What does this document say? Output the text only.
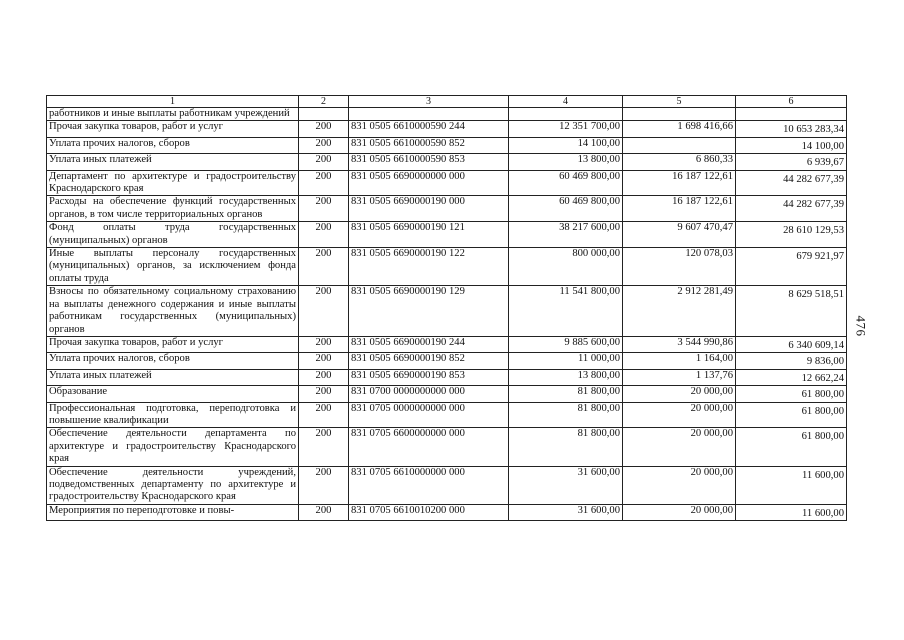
1	2	3	4	5	6
работников и иные выплаты работникам учреждений			

Прочая закупка товаров, работ и услуг	200	831 0505 6610000590 244	12 351 700,00	1 698 416,66	10 653 283,34

Уплата прочих налогов, сборов	200	831 0505 6610000590 852	14 100,00		14 100,00

Уплата иных платежей	200	831 0505 6610000590 853	13 800,00	6 860,33	6 939,67

Департамент по архитектуре и градостроительству Краснодарского края	200	831 0505 6690000000 000	60 469 800,00	16 187 122,61	44 282 677,39

Расходы на обеспечение функций государственных органов, в том числе территориальных органов	200	831 0505 6690000190 000	60 469 800,00	16 187 122,61	44 282 677,39

Фонд оплаты труда государственных (муниципальных) органов	200	831 0505 6690000190 121	38 217 600,00	9 607 470,47	28 610 129,53

Иные выплаты персоналу государственных (муниципальных) органов, за исключением фонда оплаты труда	200	831 0505 6690000190 122	800 000,00	120 078,03	679 921,97

Взносы по обязательному социальному страхованию на выплаты денежного содержания и иные выплаты работникам государственных (муниципальных) органов	200	831 0505 6690000190 129	11 541 800,00	2 912 281,49	8 629 518,51

Прочая закупка товаров, работ и услуг	200	831 0505 6690000190 244	9 885 600,00	3 544 990,86	6 340 609,14

Уплата прочих налогов, сборов	200	831 0505 6690000190 852	11 000,00	1 164,00	9 836,00

Уплата иных платежей	200	831 0505 6690000190 853	13 800,00	1 137,76	12 662,24

Образование	200	831 0700 0000000000 000	81 800,00	20 000,00	61 800,00

Профессиональная подготовка, переподготовка и повышение квалификации	200	831 0705 0000000000 000	81 800,00	20 000,00	61 800,00

Обеспечение деятельности департамента по архитектуре и градостроительству Краснодарского края	200	831 0705 6600000000 000	81 800,00	20 000,00	61 800,00

Обеспечение деятельности учреждений, подведомственных департаменту по архитектуре и градостроительству Краснодарского края	200	831 0705 6610000000 000	31 600,00	20 000,00	11 600,00

Мероприятия по переподготовке и повы-	200	831 0705 6610010200 000	31 600,00	20 000,00	11 600,00
476
